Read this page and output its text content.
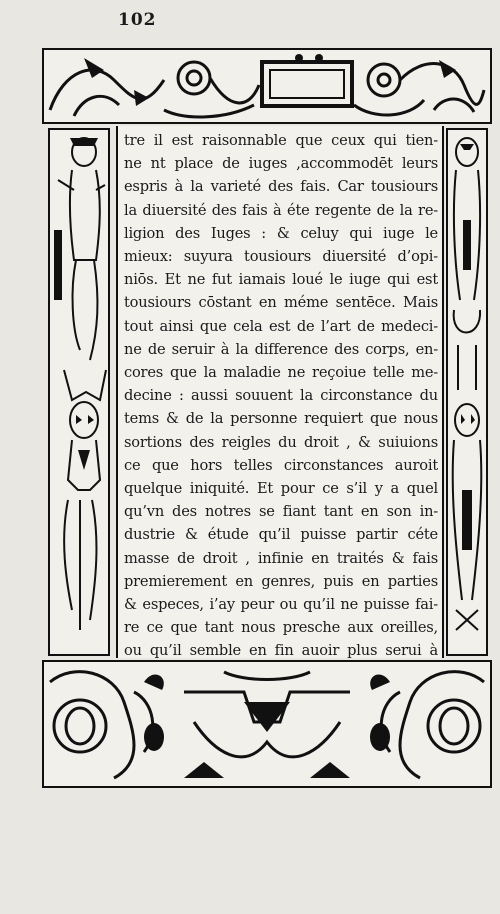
102
tre il est raisonnable que ceux qui tien-
ne nt place de iuges ,accommodēt leurs
espris à la varieté des fais. Car tousiours
la diuersité des fais à éte regente de la re-
ligion des Iuges : & celuy qui iuge le
mieux: suyura tousiours diuersité d’opi-
niōs. Et ne fut iamais loué le iuge qui est
tousiours cōstant en méme sentēce. Mais
tout ainsi que cela est de l’art de medeci-
ne de seruir à la difference des corps, en-
cores que la maladie ne reçoiue telle me-
decine : aussi souuent la circonstance du
tems & de la personne requiert que nous
sortions des reigles du droit , & suiuions
ce que hors telles circonstances auroit
quelque iniquité. Et pour ce s’il y a quel
qu’vn des notres se fiant tant en son in-
dustrie & étude qu’il puisse partir céte
masse de droit , infinie en traités & fais
premierement en genres, puis en parties
& especes, i’ay peur ou qu’il ne puisse fai-
re ce que tant nous presche aux oreilles,
ou qu’il semble en fin auoir plus serui à
